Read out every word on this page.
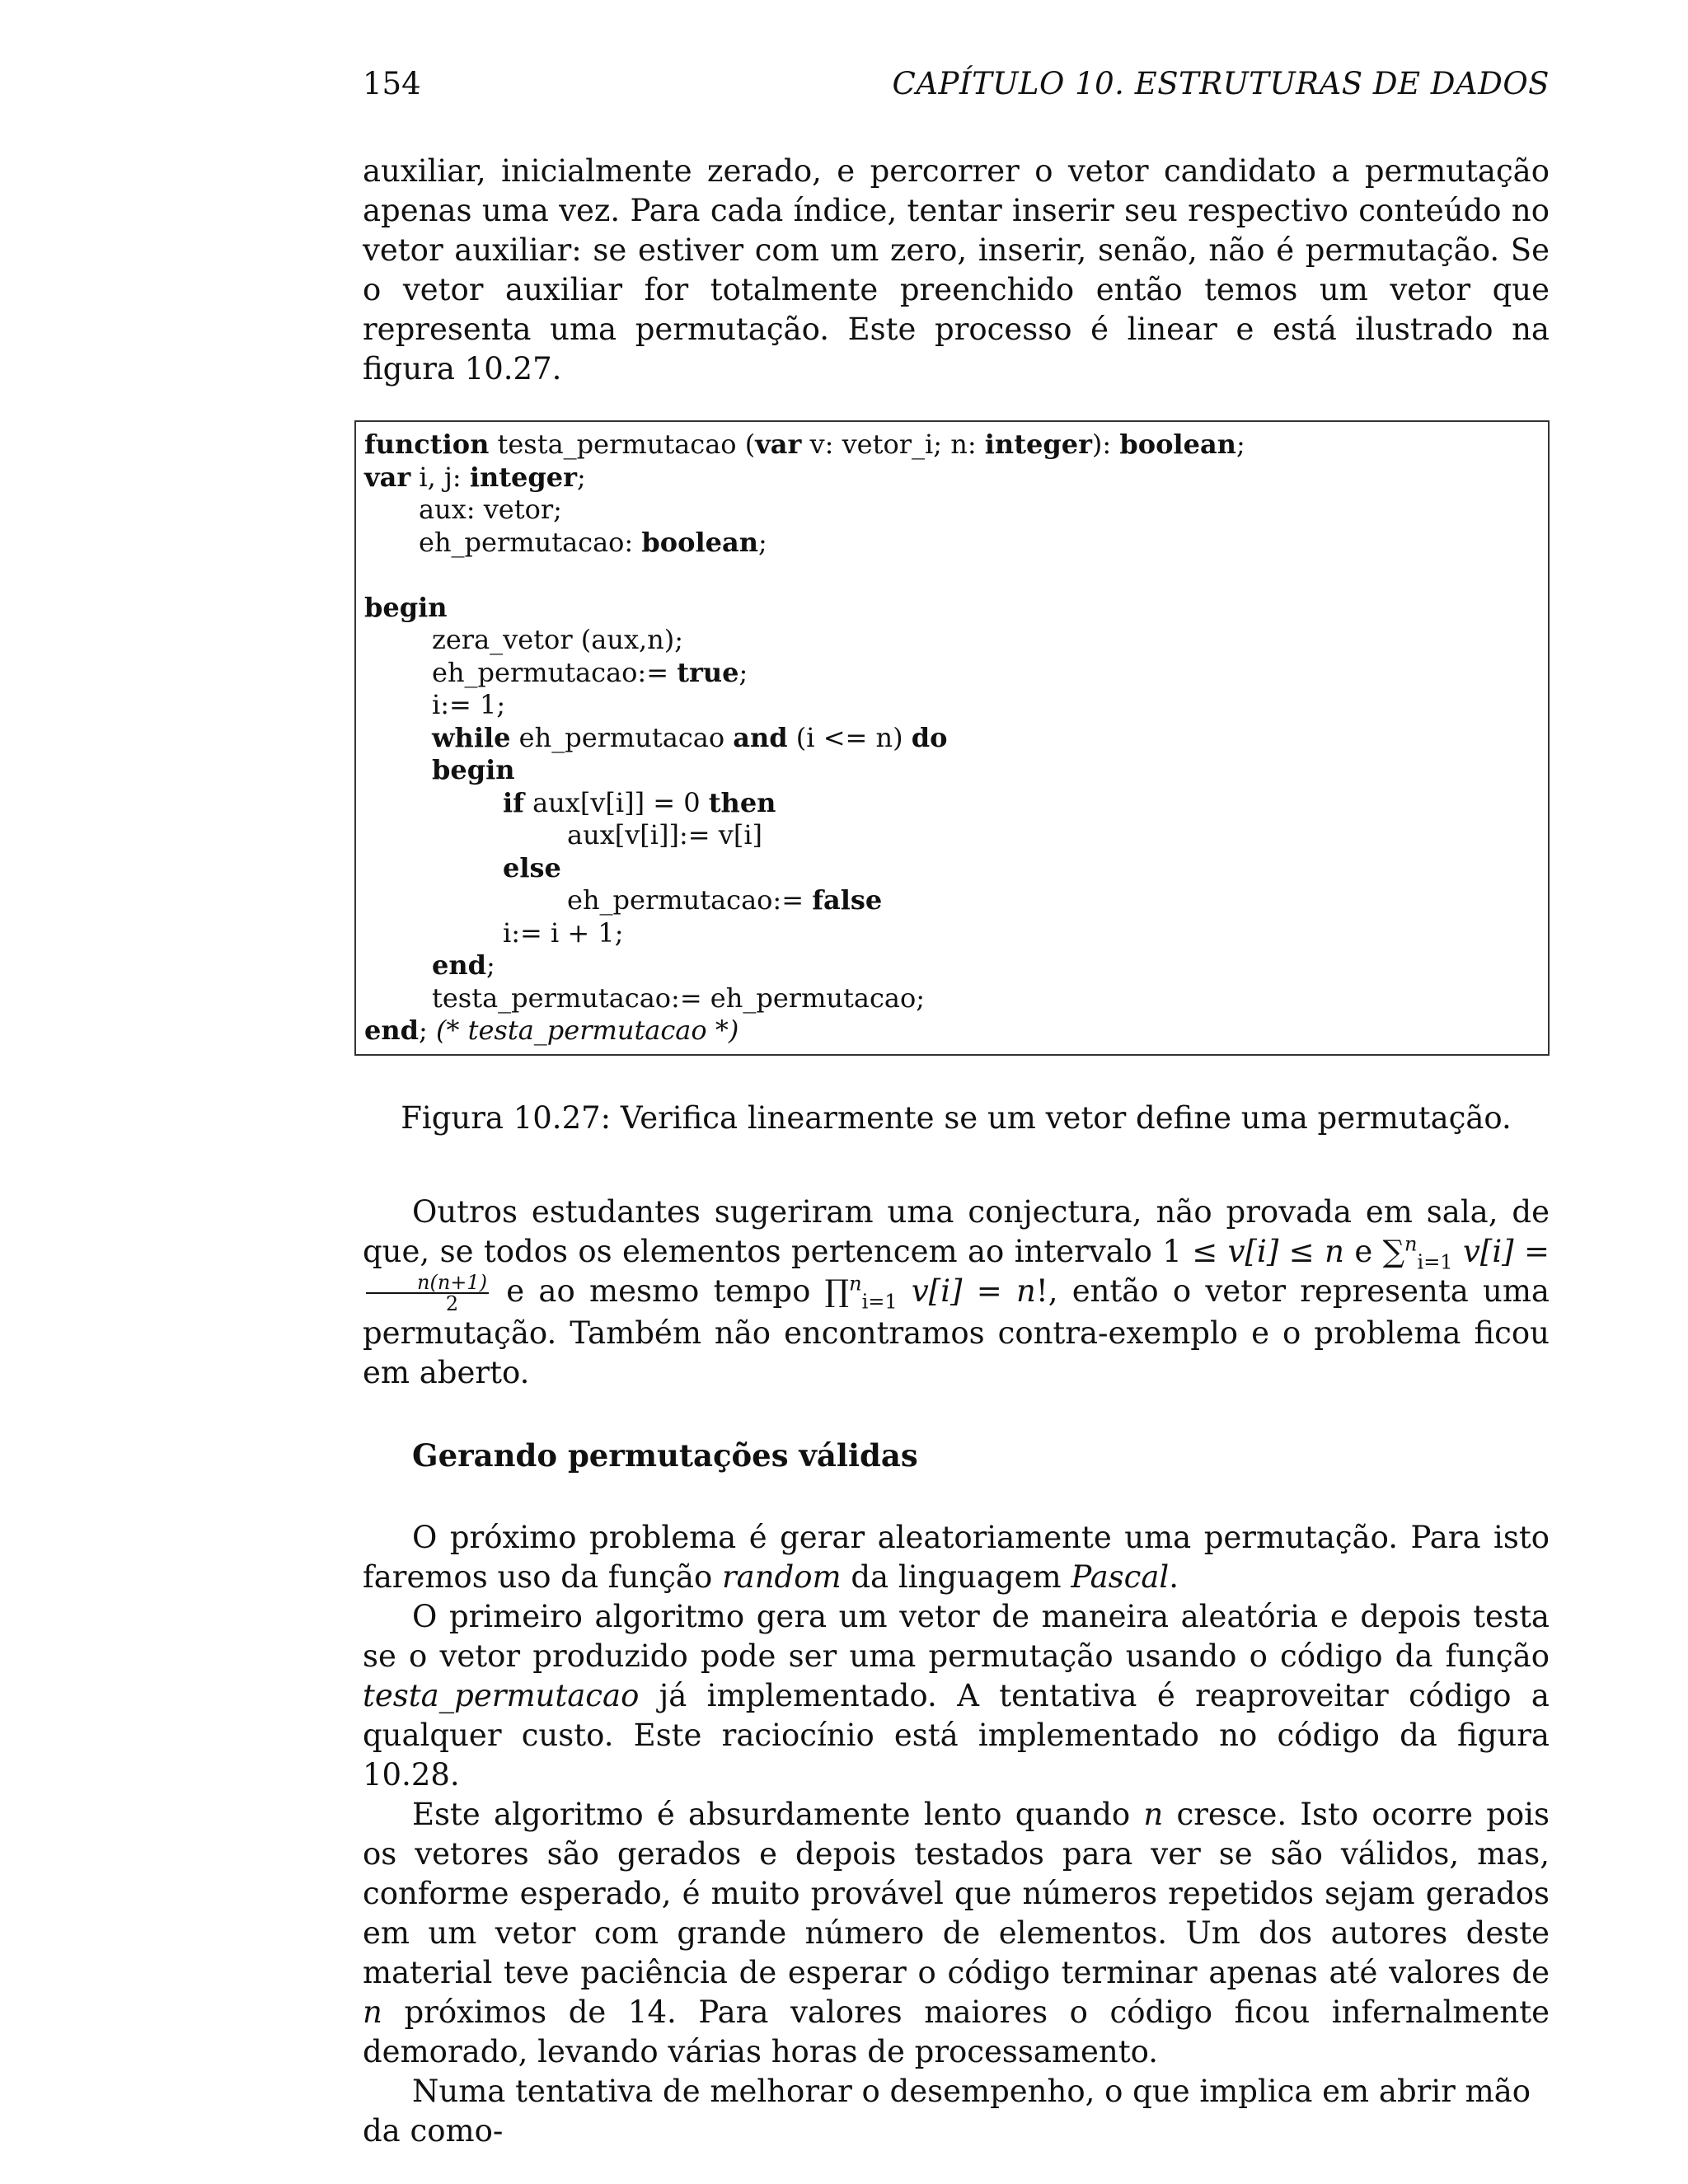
154	CAPÍTULO 10. ESTRUTURAS DE DADOS

auxiliar, inicialmente zerado, e percorrer o vetor candidato a permutação apenas uma vez. Para cada índice, tentar inserir seu respectivo conteúdo no vetor auxiliar: se estiver com um zero, inserir, senão, não é permutação. Se o vetor auxiliar for totalmente preenchido então temos um vetor que representa uma permutação. Este processo é linear e está ilustrado na figura 10.27.

function testa_permutacao (var v: vetor_i; n: integer): boolean;
var i, j: integer;
aux: vetor;
eh_permutacao: boolean;
begin
zera_vetor (aux,n);
eh_permutacao:= true;
i:= 1;
while eh_permutacao and (i <= n) do
begin
if aux[v[i]] = 0 then
aux[v[i]]:= v[i]
else
eh_permutacao:= false
i:= i + 1;
end;
testa_permutacao:= eh_permutacao;
end; (* testa_permutacao *)
Figura 10.27: Verifica linearmente se um vetor define uma permutação.

Outros estudantes sugeriram uma conjectura, não provada em sala, de que, se todos os elementos pertencem ao intervalo 1 ≤ v[i] ≤ n e ∑$^n_{i=1}$ v[i] =
$\frac{n(n+1)}{2}$ e ao mesmo tempo ∏$^n_{i=1}$ v[i] = n!, então o vetor representa uma permutação. Também não encontramos contra-exemplo e o problema ficou em aberto.

Gerando permutações válidas

O próximo problema é gerar aleatoriamente uma permutação. Para isto faremos uso da função random da linguagem Pascal.

O primeiro algoritmo gera um vetor de maneira aleatória e depois testa se o vetor produzido pode ser uma permutação usando o código da função testa_permutacao já implementado. A tentativa é reaproveitar código a qualquer custo. Este raciocínio está implementado no código da figura 10.28.

Este algoritmo é absurdamente lento quando n cresce. Isto ocorre pois os vetores são gerados e depois testados para ver se são válidos, mas, conforme esperado, é muito provável que números repetidos sejam gerados em um vetor com grande número de elementos. Um dos autores deste material teve paciência de esperar o código terminar apenas até valores de n próximos de 14. Para valores maiores o código ficou infernalmente demorado, levando várias horas de processamento.

Numa tentativa de melhorar o desempenho, o que implica em abrir mão da como-
